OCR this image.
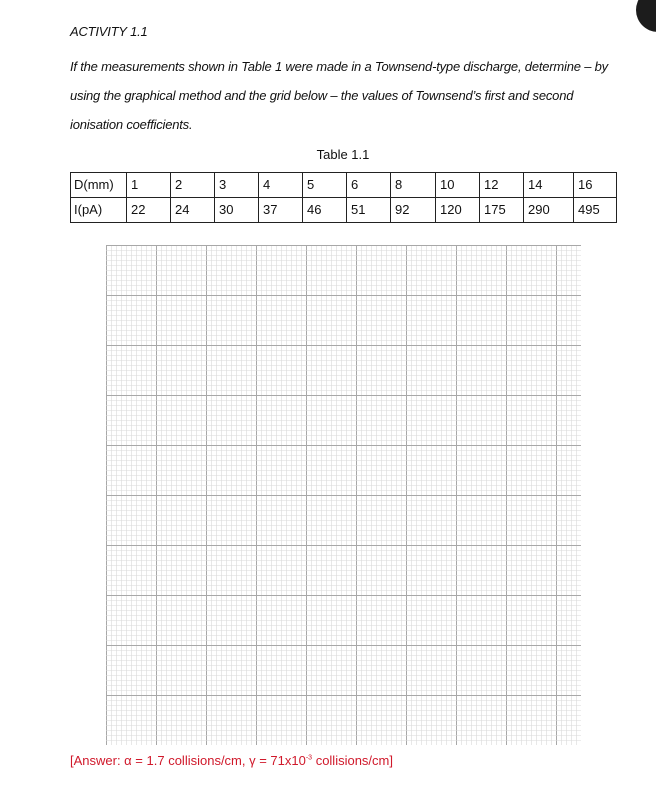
ACTIVITY 1.1
If the measurements shown in Table 1 were made in a Townsend-type discharge, determine – by using the graphical method and the grid below – the values of Townsend’s first and second ionisation coefficients.
Table 1.1
D(mm)	1	2	3	4	5	6	8	10	12	14	16
I(pA)	22	24	30	37	46	51	92	120	175	290	495
[Answer: α = 1.7 collisions/cm, $\gamma = 71x10^{-3}$ collisions/cm]
